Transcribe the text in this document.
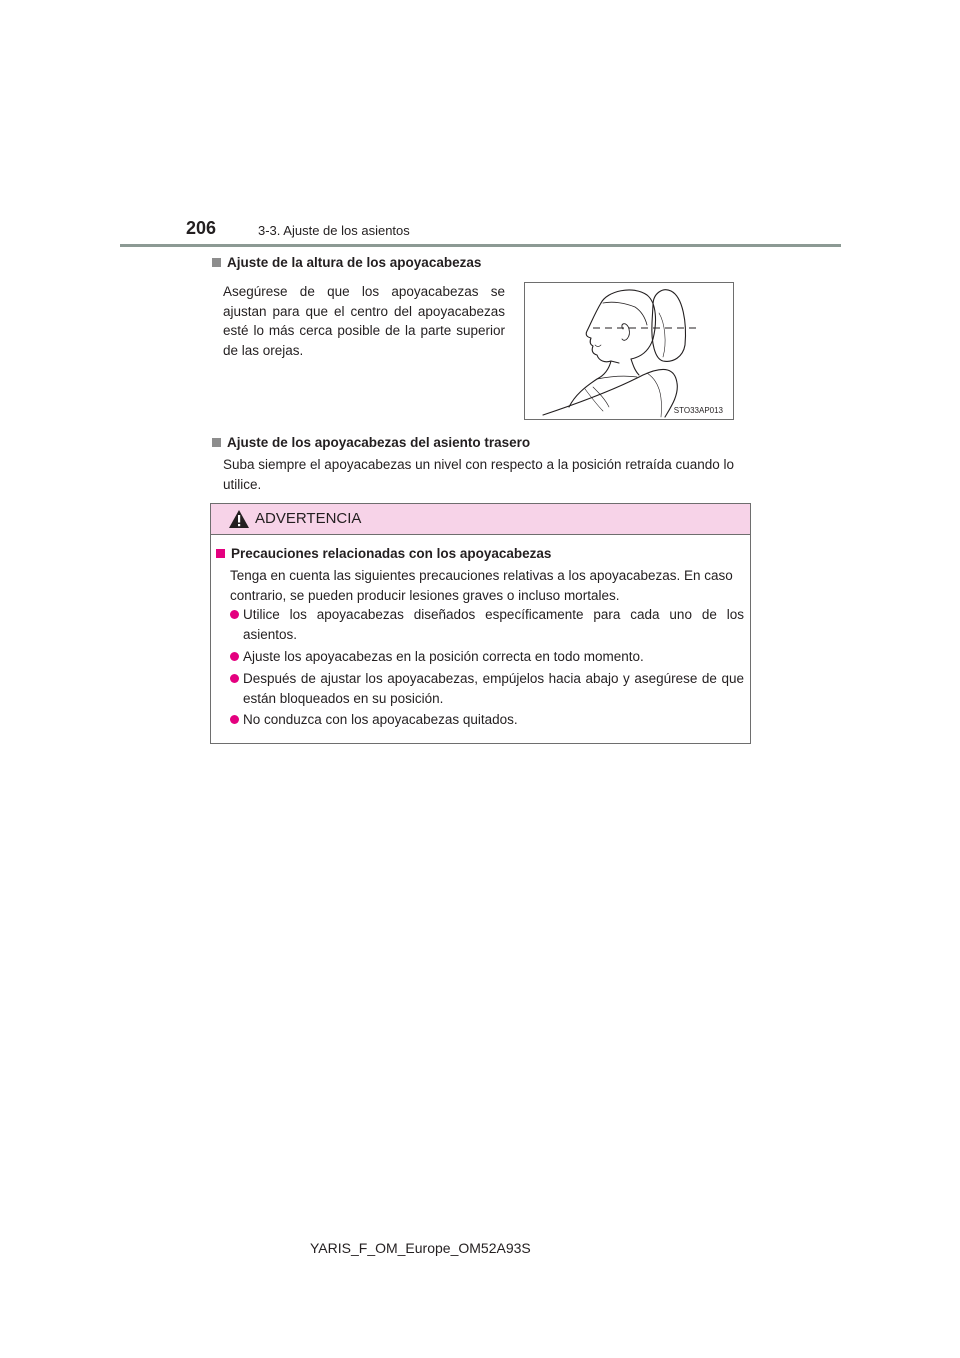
206	3-3. Ajuste de los asientos
Ajuste de la altura de los apoyacabezas
Asegúrese de que los apoyacabezas se
ajustan para que el centro del apoyacabezas
esté lo más cerca posible de la parte superior
de las orejas.
STO33AP013
Ajuste de los apoyacabezas del asiento trasero
Suba siempre el apoyacabezas un nivel con respecto a la posición retraída cuando lo
utilice.
ADVERTENCIA
Precauciones relacionadas con los apoyacabezas
Tenga en cuenta las siguientes precauciones relativas a los apoyacabezas. En caso
contrario, se pueden producir lesiones graves o incluso mortales.
Utilice los apoyacabezas diseñados específicamente para cada uno de los
asientos.
Ajuste los apoyacabezas en la posición correcta en todo momento.
Después de ajustar los apoyacabezas, empújelos hacia abajo y asegúrese de que
están bloqueados en su posición.
No conduzca con los apoyacabezas quitados.
YARIS_F_OM_Europe_OM52A93S
